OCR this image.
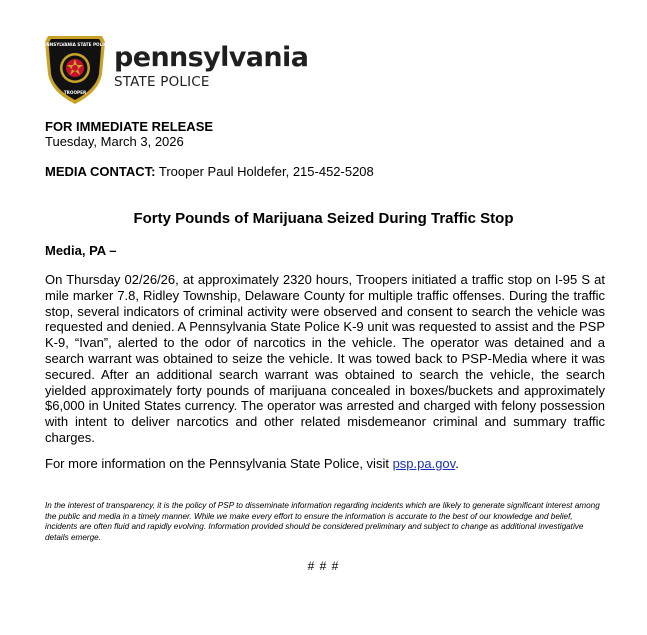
PENNSYLVANIA STATE POLICE
TROOPER
pennsylvania
STATE POLICE
FOR IMMEDIATE RELEASE
Tuesday, March 3, 2026
MEDIA CONTACT: Trooper Paul Holdefer, 215-452-5208
Forty Pounds of Marijuana Seized During Traffic Stop
Media, PA –
On Thursday 02/26/26, at approximately 2320 hours, Troopers initiated a traffic stop on I-95 S at mile marker 7.8, Ridley Township, Delaware County for multiple traffic offenses. During the traffic stop, several indicators of criminal activity were observed and consent to search the vehicle was requested and denied. A Pennsylvania State Police K-9 unit was requested to assist and the PSP K-9, “Ivan”, alerted to the odor of narcotics in the vehicle. The operator was detained and a search warrant was obtained to seize the vehicle. It was towed back to PSP-Media where it was secured. After an additional search warrant was obtained to search the vehicle, the search yielded approximately forty pounds of marijuana concealed in boxes/buckets and approximately $6,000 in United States currency. The operator was arrested and charged with felony possession with intent to deliver narcotics and other related misdemeanor criminal and summary traffic charges.
For more information on the Pennsylvania State Police, visit psp.pa.gov.
In the interest of transparency, it is the policy of PSP to disseminate information regarding incidents which are likely to generate significant interest among the public and media in a timely manner. While we make every effort to ensure the information is accurate to the best of our knowledge and belief, incidents are often fluid and rapidly evolving. Information provided should be considered preliminary and subject to change as additional investigative details emerge.
# # #
